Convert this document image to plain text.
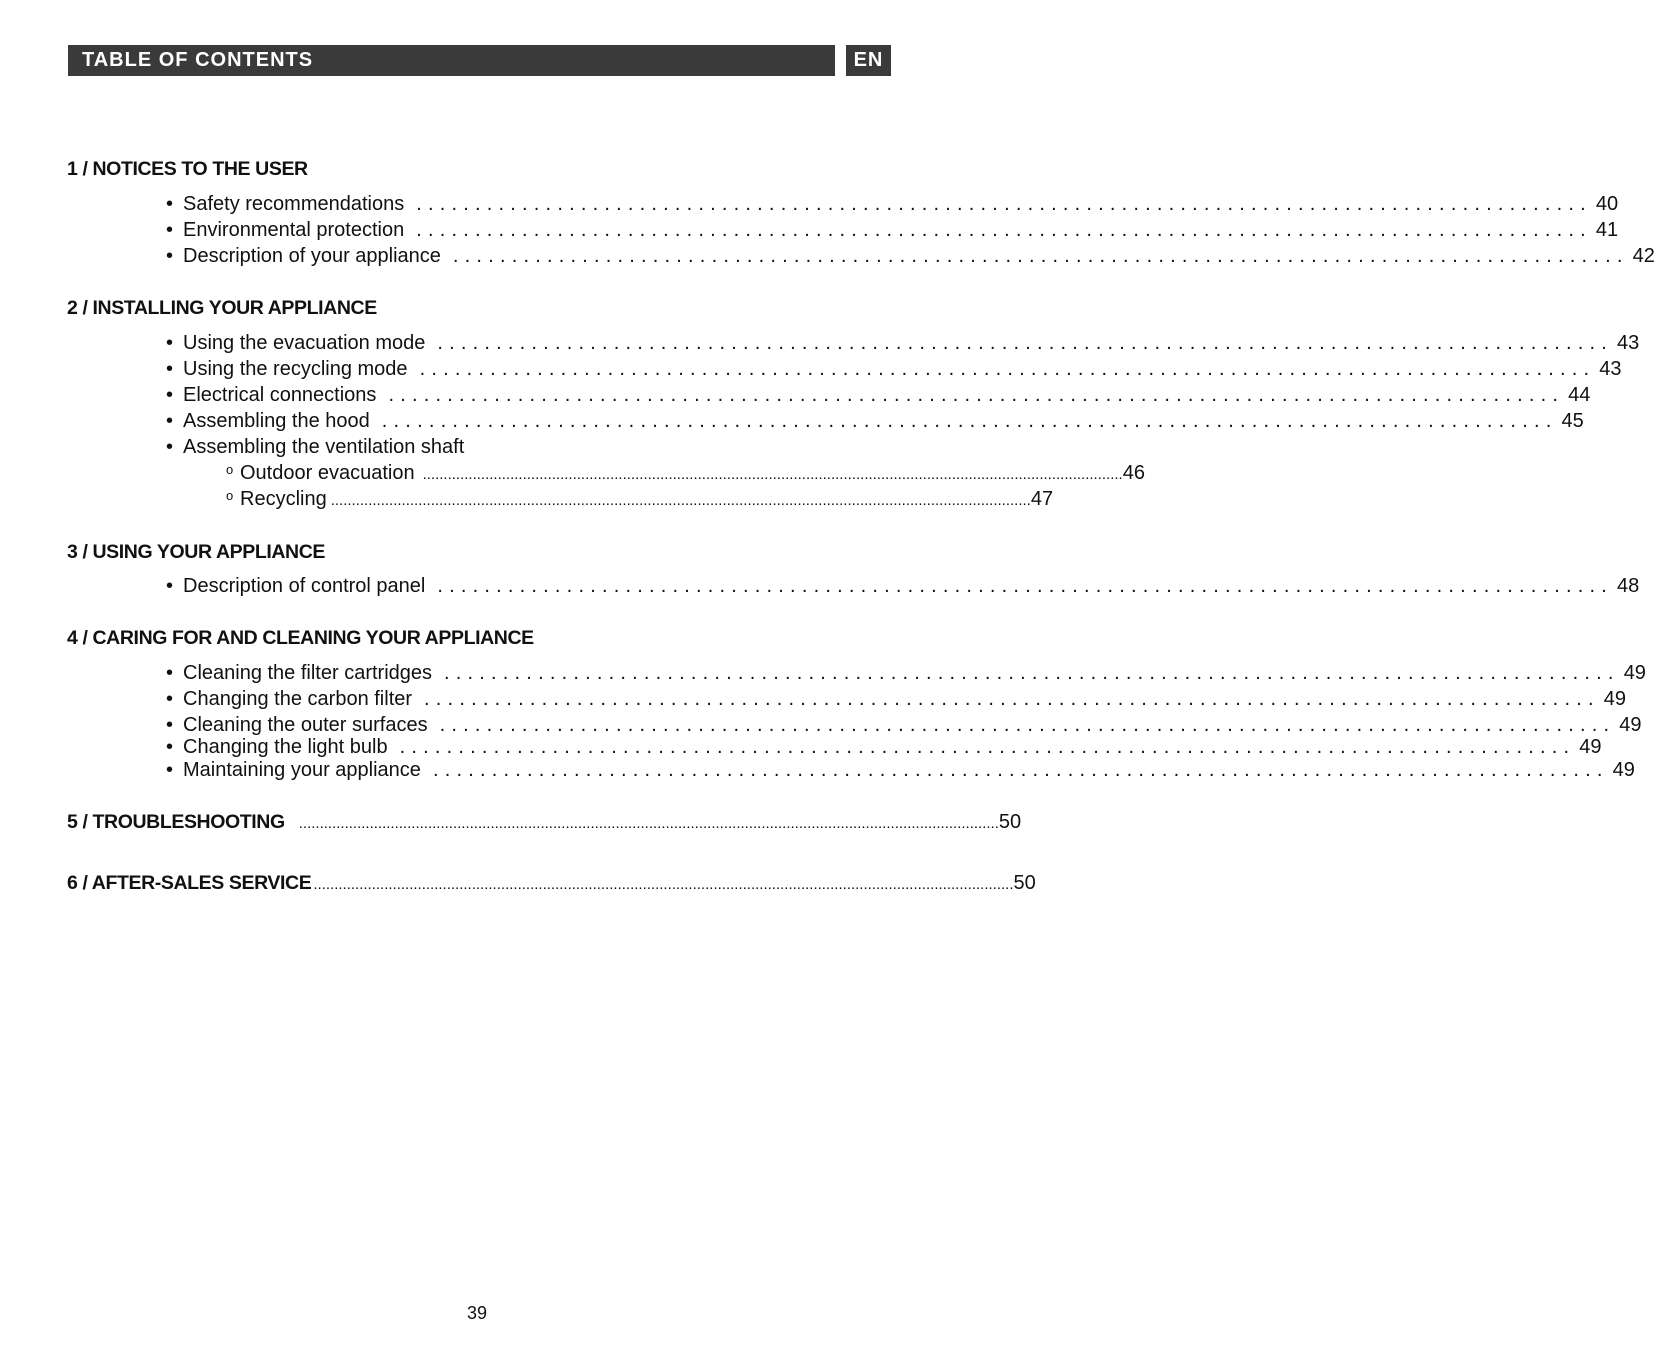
TABLE OF CONTENTS	EN
1 / NOTICES TO THE USER
• Safety recommendations .................................................................................................... 40
• Environmental protection .................................................................................................... 41
• Description of your appliance .................................................................................................... 42
2 / INSTALLING YOUR APPLIANCE
• Using the evacuation mode .................................................................................................... 43
• Using the recycling mode .................................................................................................... 43
• Electrical connections .................................................................................................... 44
• Assembling the hood .................................................................................................... 45
• Assembling the ventilation shaft
o Outdoor evacuation ........................................................................................................................................................................ 46
o Recycling ........................................................................................................................................................................ 47
3 / USING YOUR APPLIANCE
• Description of control panel .................................................................................................... 48
4 / CARING FOR AND CLEANING YOUR APPLIANCE
• Cleaning the filter cartridges .................................................................................................... 49
• Changing the carbon filter .................................................................................................... 49
• Cleaning the outer surfaces .................................................................................................... 49
• Changing the light bulb .................................................................................................... 49
• Maintaining your appliance .................................................................................................... 49
5 / TROUBLESHOOTING ........................................................................................................................................................................ 50
6 / AFTER-SALES SERVICE ........................................................................................................................................................................ 50
39
